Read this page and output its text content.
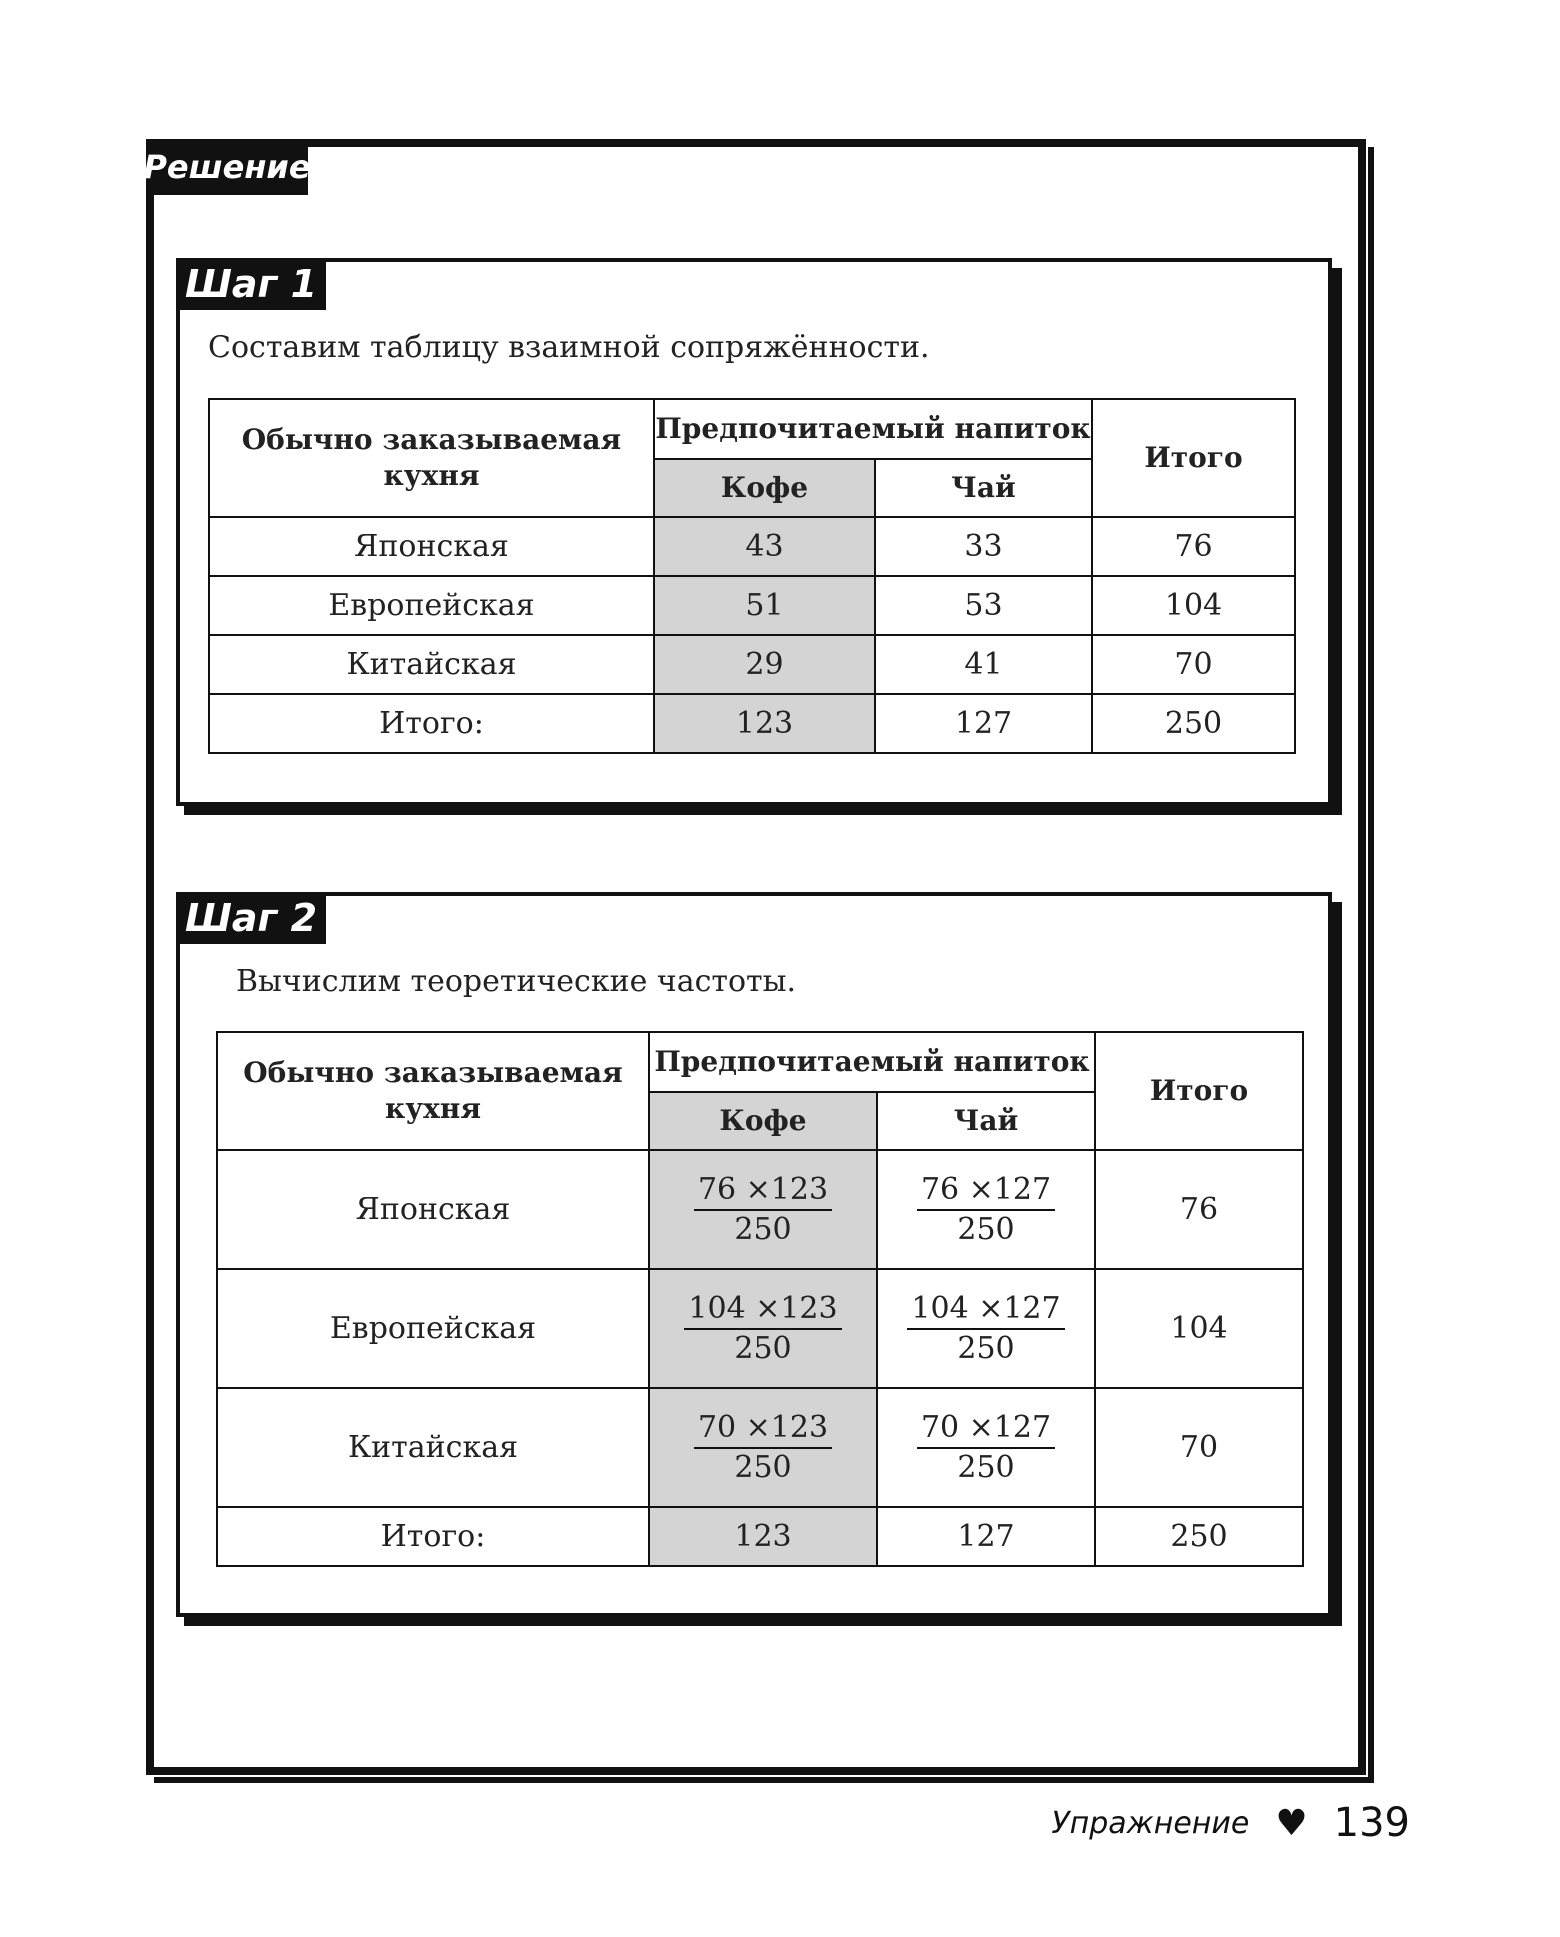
Решение
Шаг 1
Составим таблицу взаимной сопряжённости.
Обычно заказываемая кухня	Предпочитаемый напиток		Итого
	Кофе	Чай	
Японская	43	33	76
Европейская	51	53	104
Китайская	29	41	70
Итого:	123	127	250
Шаг 2
Вычислим теоретические частоты.
Обычно заказываемая кухня	Предпочитаемый напиток		Итого
	Кофе	Чай	
Японская	$\frac{76 \times 123}{250}$	$\frac{76 \times 127}{250}$	76
Европейская	$\frac{104 \times 123}{250}$	$\frac{104 \times 127}{250}$	104
Китайская	$\frac{70 \times 123}{250}$	$\frac{70 \times 127}{250}$	70
Итого:	123	127	250
Упражнение ♥ 139
